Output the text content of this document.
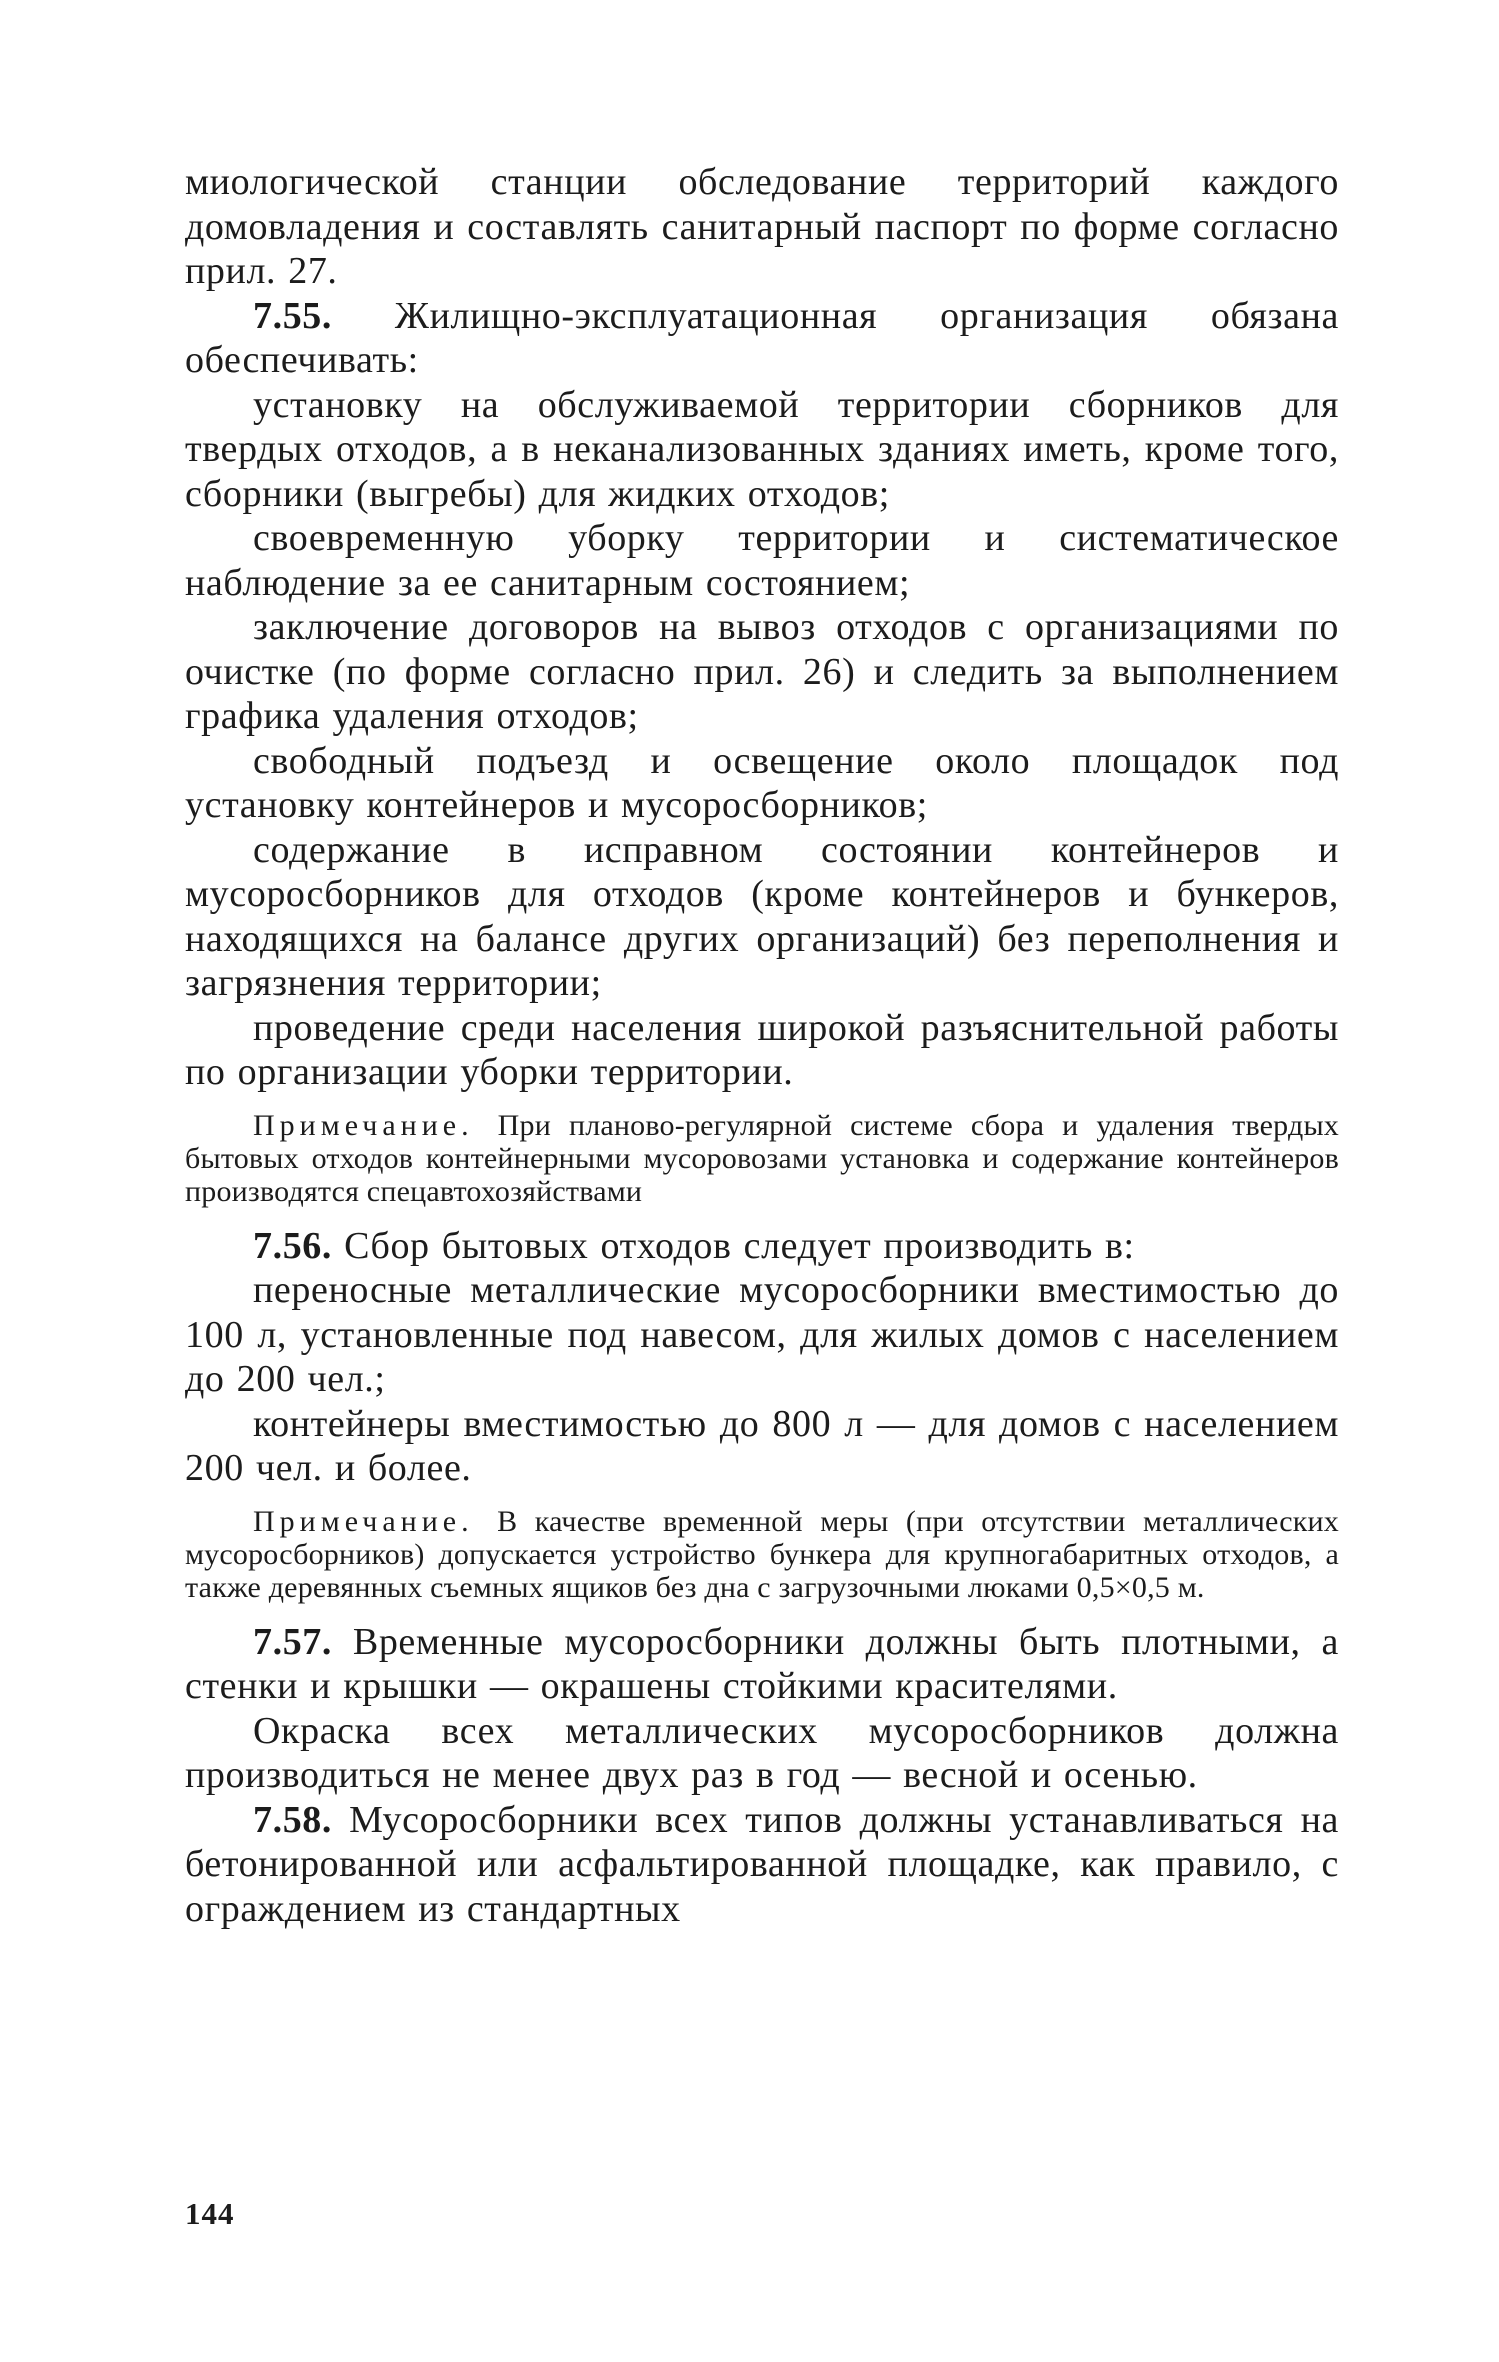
миологической станции обследование территорий каждого домовладения и составлять санитарный паспорт по форме согласно прил. 27.

7.55. Жилищно-эксплуатационная организация обязана обеспечивать:

установку на обслуживаемой территории сборников для твердых отходов, а в неканализованных зданиях иметь, кроме того, сборники (выгребы) для жидких отходов;

своевременную уборку территории и систематическое наблюдение за ее санитарным состоянием;

заключение договоров на вывоз отходов с организациями по очистке (по форме согласно прил. 26) и следить за выполнением графика удаления отходов;

свободный подъезд и освещение около площадок под установку контейнеров и мусоросборников;

содержание в исправном состоянии контейнеров и мусоросборников для отходов (кроме контейнеров и бункеров, находящихся на балансе других организаций) без переполнения и загрязнения территории;

проведение среди населения широкой разъяснительной работы по организации уборки территории.

Примечание. При планово-регулярной системе сбора и удаления твердых бытовых отходов контейнерными мусоровозами установка и содержание контейнеров производятся спецавтохозяйствами

7.56. Сбор бытовых отходов следует производить в:

переносные металлические мусоросборники вместимостью до 100 л, установленные под навесом, для жилых домов с населением до 200 чел.;

контейнеры вместимостью до 800 л — для домов с населением 200 чел. и более.

Примечание. В качестве временной меры (при отсутствии металлических мусоросборников) допускается устройство бункера для крупногабаритных отходов, а также деревянных съемных ящиков без дна с загрузочными люками 0,5×0,5 м.

7.57. Временные мусоросборники должны быть плотными, а стенки и крышки — окрашены стойкими красителями.

Окраска всех металлических мусоросборников должна производиться не менее двух раз в год — весной и осенью.

7.58. Мусоросборники всех типов должны устанавливаться на бетонированной или асфальтированной площадке, как правило, с ограждением из стандартных

144
